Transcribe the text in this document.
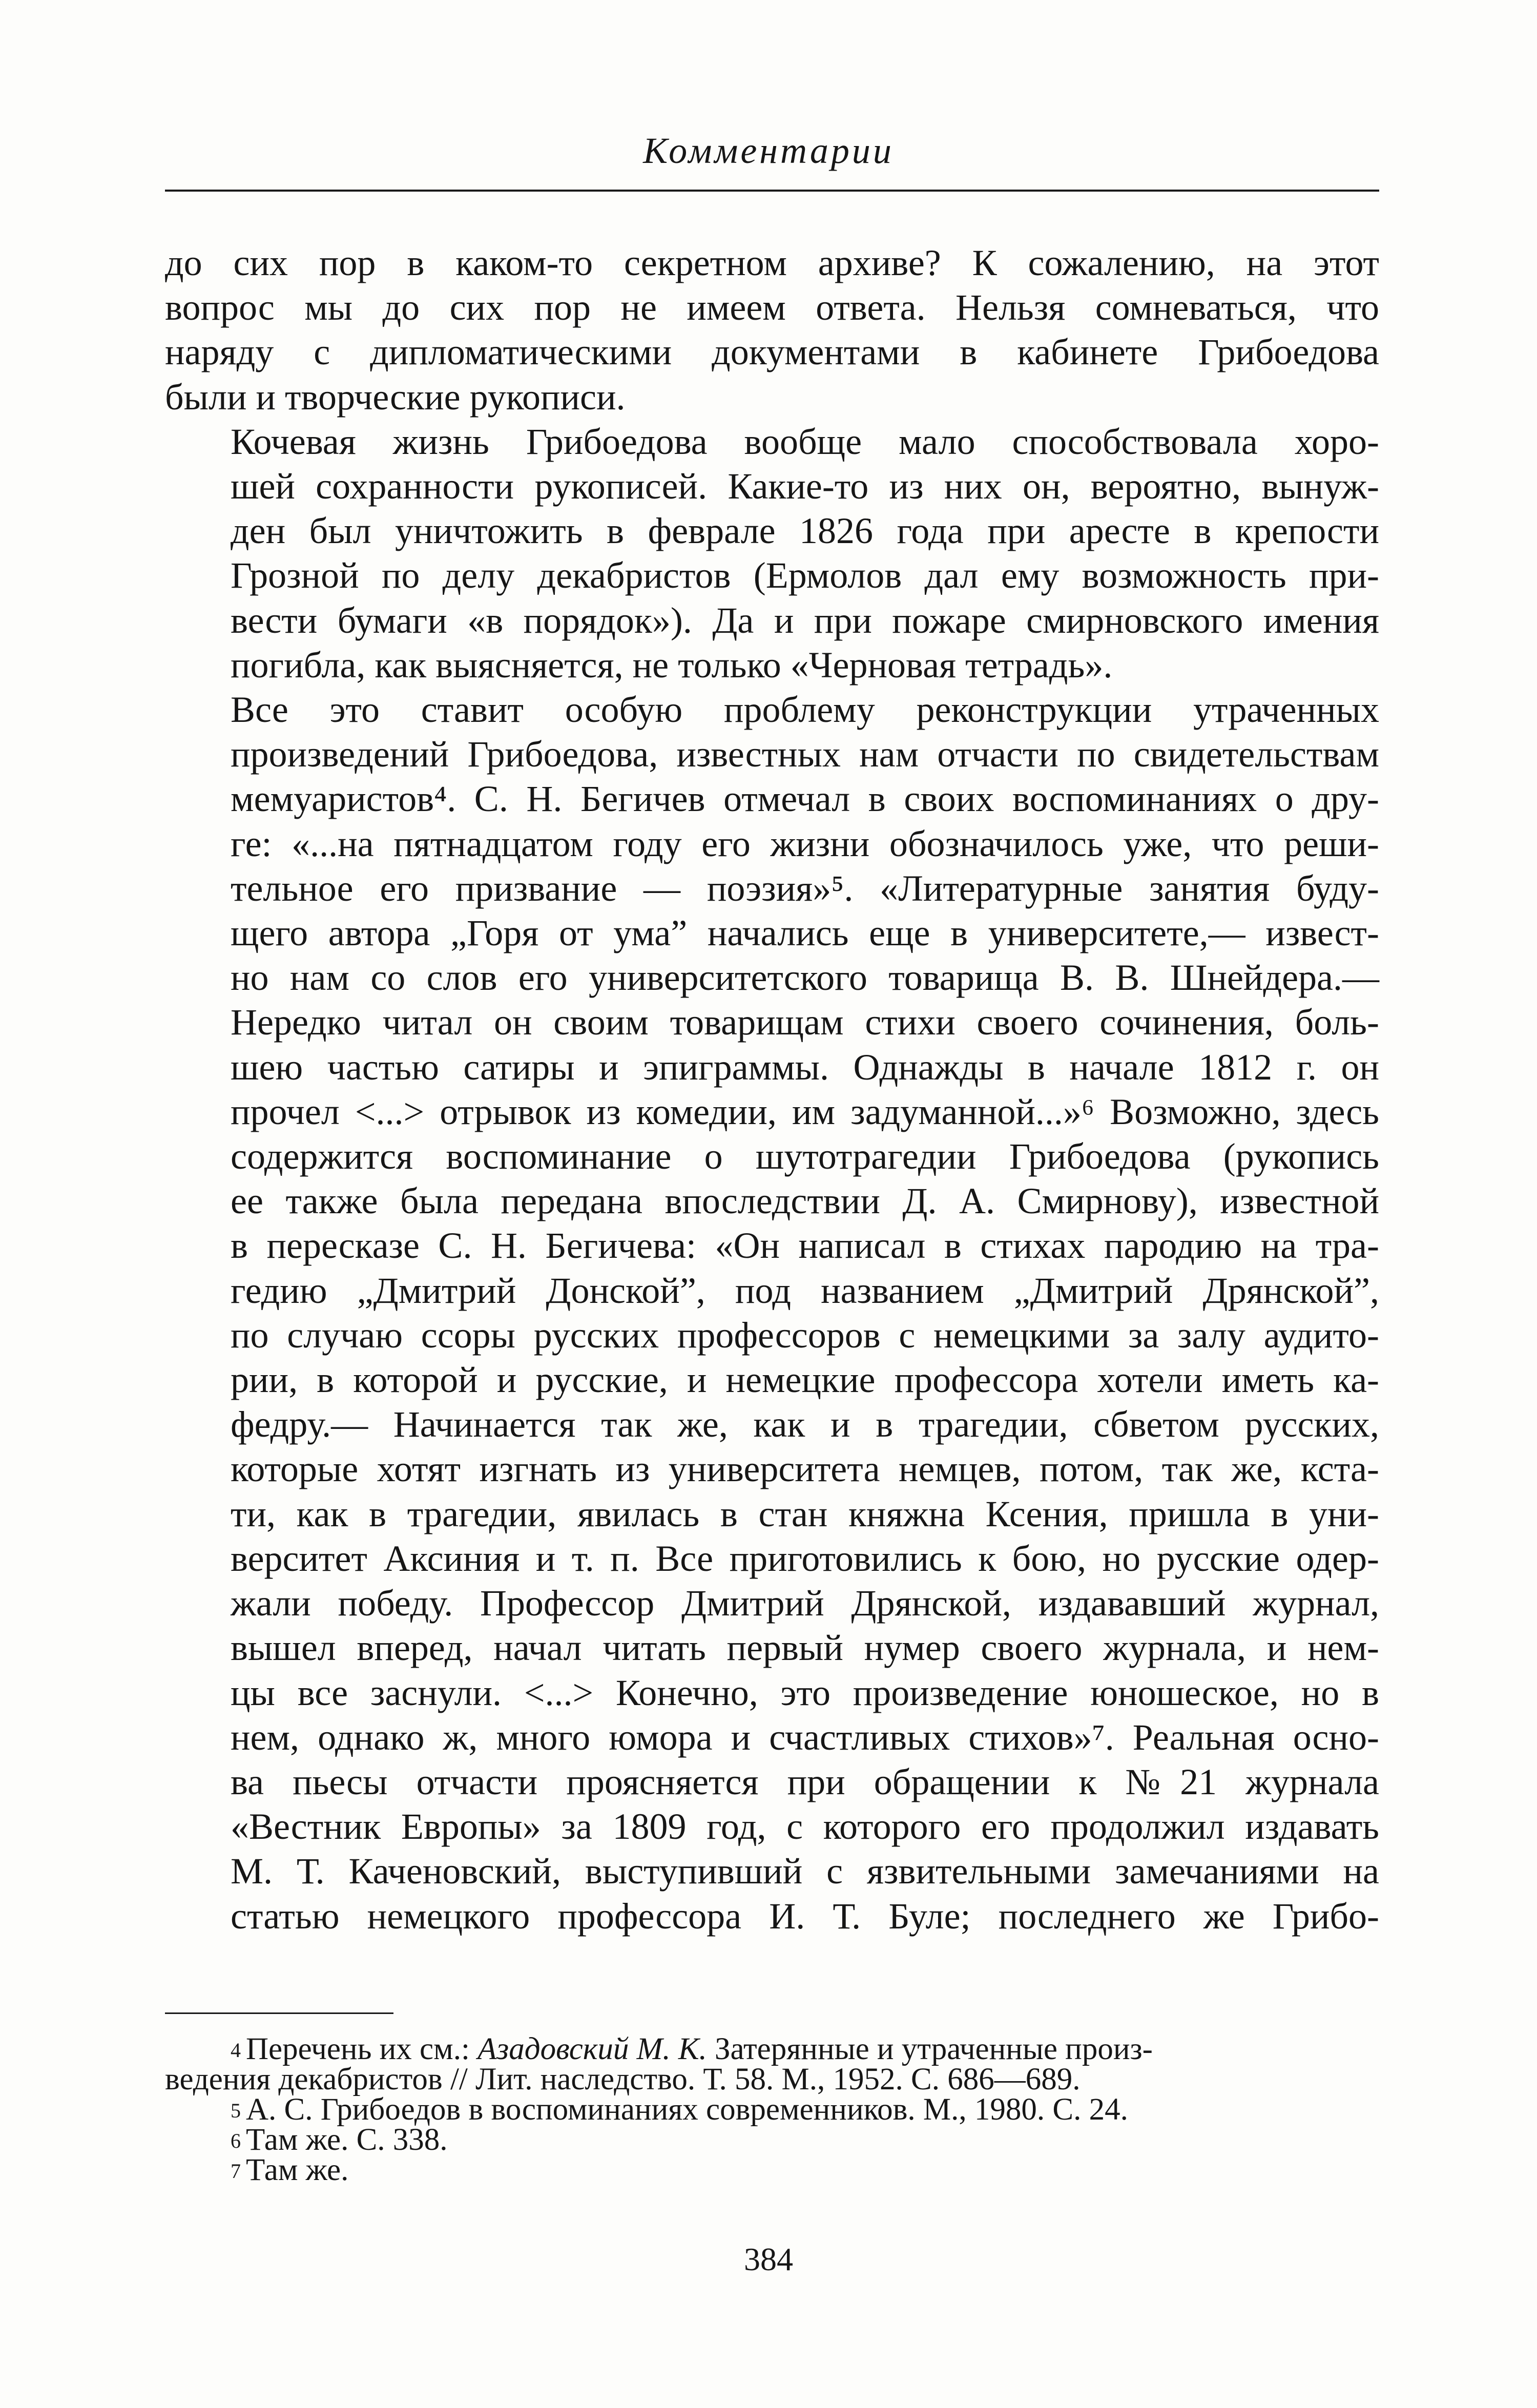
Комментарии

до сих пор в каком-то секретном архиве? К сожалению, на этот
вопрос мы до сих пор не имеем ответа. Нельзя сомневаться, что
наряду с дипломатическими документами в кабинете Грибоедова
были и творческие рукописи.

Кочевая жизнь Грибоедова вообще мало способствовала хоро-
шей сохранности рукописей. Какие-то из них он, вероятно, вынуж-
ден был уничтожить в феврале 1826 года при аресте в крепости
Грозной по делу декабристов (Ермолов дал ему возможность при-
вести бумаги «в порядок»). Да и при пожаре смирновского имения
погибла, как выясняется, не только «Черновая тетрадь».

Все это ставит особую проблему реконструкции утраченных
произведений Грибоедова, известных нам отчасти по свидетельствам
мемуаристов⁴. С. Н. Бегичев отмечал в своих воспоминаниях о дру-
ге: «...на пятнадцатом году его жизни обозначилось уже, что реши-
тельное его призвание — поэзия»⁵. «Литературные занятия буду-
щего автора „Горя от ума” начались еще в университете,— извест-
но нам со слов его университетского товарища В. В. Шнейдера.—
Нередко читал он своим товарищам стихи своего сочинения, боль-
шею частью сатиры и эпиграммы. Однажды в начале 1812 г. он
прочел <...> отрывок из комедии, им задуманной...»⁶ Возможно, здесь
содержится воспоминание о шутотрагедии Грибоедова (рукопись
ее также была передана впоследствии Д. А. Смирнову), известной
в пересказе С. Н. Бегичева: «Он написал в стихах пародию на тра-
гедию „Дмитрий Донской”, под названием „Дмитрий Дрянской”,
по случаю ссоры русских профессоров с немецкими за залу аудито-
рии, в которой и русские, и немецкие профессора хотели иметь ка-
федру.— Начинается так же, как и в трагедии, сбветом русских,
которые хотят изгнать из университета немцев, потом, так же, кста-
ти, как в трагедии, явилась в стан княжна Ксения, пришла в уни-
верситет Аксиния и т. п. Все приготовились к бою, но русские одер-
жали победу. Профессор Дмитрий Дрянской, издававший журнал,
вышел вперед, начал читать первый нумер своего журнала, и нем-
цы все заснули. <...> Конечно, это произведение юношеское, но в
нем, однако ж, много юмора и счастливых стихов»⁷. Реальная осно-
ва пьесы отчасти проясняется при обращении к №21 журнала
«Вестник Европы» за 1809 год, с которого его продолжил издавать
М. Т. Каченовский, выступивший с язвительными замечаниями на
статью немецкого профессора И. Т. Буле; последнего же Грибо-

$^4$ Перечень их см.: Азадовский М. К. Затерянные и утраченные произ-
ведения декабристов // Лит. наследство. Т. 58. М., 1952. С. 686—689.

$^5$ А. С. Грибоедов в воспоминаниях современников. М., 1980. С. 24.

$^6$ Там же. С. 338.

$^7$ Там же.

384
